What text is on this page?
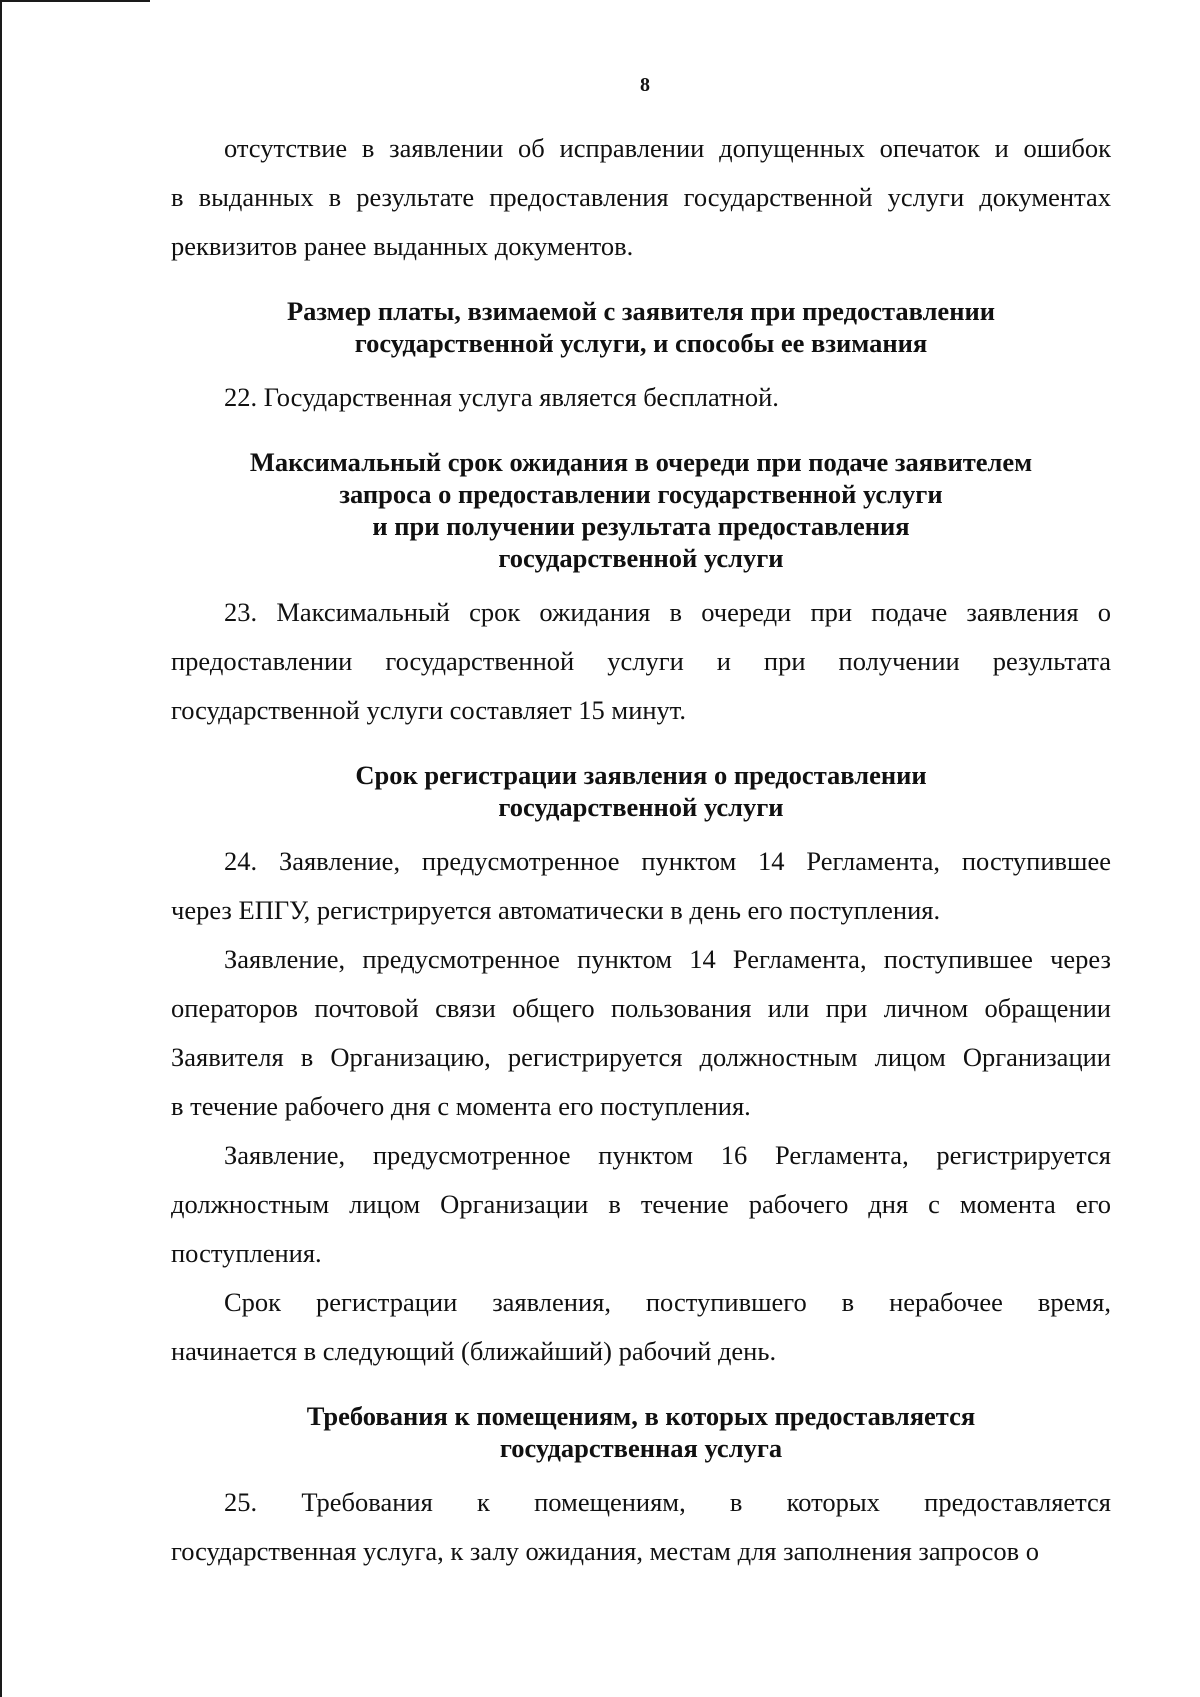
8
отсутствие в заявлении об исправлении допущенных опечаток и ошибок
в выданных в результате предоставления государственной услуги документах
реквизитов ранее выданных документов.
Размер платы, взимаемой с заявителя при предоставлении
государственной услуги, и способы ее взимания
22. Государственная услуга является бесплатной.
Максимальный срок ожидания в очереди при подаче заявителем
запроса о предоставлении государственной услуги
и при получении результата предоставления
государственной услуги
23. Максимальный срок ожидания в очереди при подаче заявления о
предоставлении государственной услуги и при получении результата
государственной услуги составляет 15 минут.
Срок регистрации заявления о предоставлении
государственной услуги
24. Заявление, предусмотренное пунктом 14 Регламента, поступившее
через ЕПГУ, регистрируется автоматически в день его поступления.
Заявление, предусмотренное пунктом 14 Регламента, поступившее через
операторов почтовой связи общего пользования или при личном обращении
Заявителя в Организацию, регистрируется должностным лицом Организации
в течение рабочего дня с момента его поступления.
Заявление, предусмотренное пунктом 16 Регламента, регистрируется
должностным лицом Организации в течение рабочего дня с момента его
поступления.
Срок регистрации заявления, поступившего в нерабочее время,
начинается в следующий (ближайший) рабочий день.
Требования к помещениям, в которых предоставляется
государственная услуга
25. Требования к помещениям, в которых предоставляется
государственная услуга, к залу ожидания, местам для заполнения запросов о
